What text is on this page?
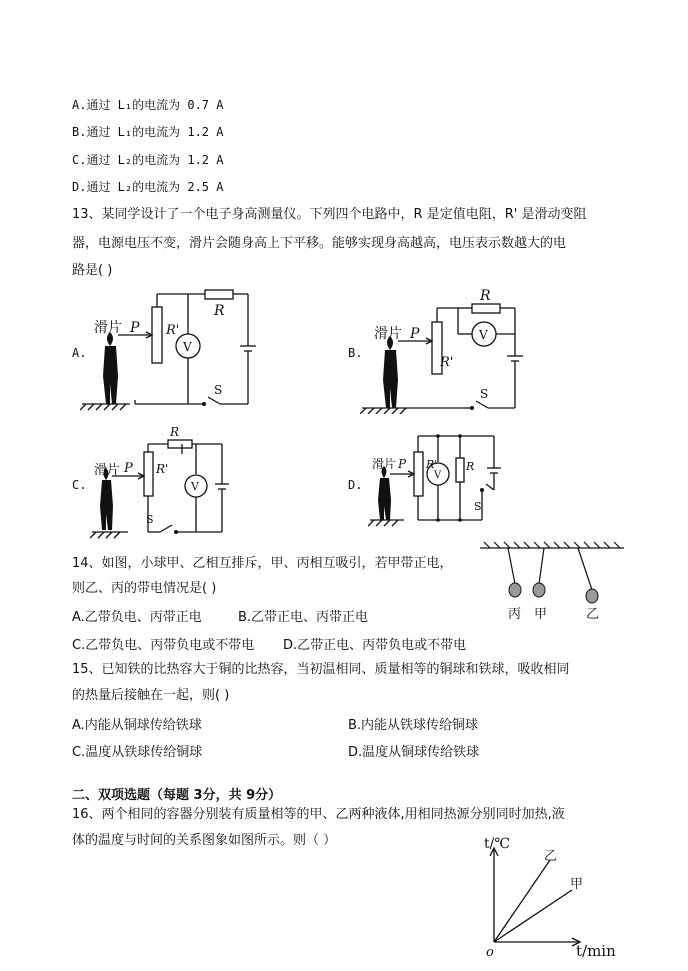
A.通过 L₁的电流为 0.7 A
B.通过 L₁的电流为 1.2 A
C.通过 L₂的电流为 1.2 A
D.通过 L₂的电流为 2.5 A
13、某同学设计了一个电子身高测量仪。下列四个电路中，R 是定值电阻，R' 是滑动变阻
器，电源电压不变，滑片会随身高上下平移。能够实现身高越高，电压表示数越大的电
路是( )
A.	B.
C.	D.
滑片 P R'
R
V
S
滑片 P
R'
R
V
S
滑片 P R'
R
V
S
滑片 P R'	R
V
S
14、如图，小球甲、乙相互排斥，甲、丙相互吸引，若甲带正电，
则乙、丙的带电情况是( )
A.乙带负电、丙带正电	B.乙带正电、丙带正电
C.乙带负电、丙带负电或不带电 D.乙带正电、丙带负电或不带电
丙 甲	乙
15、已知铁的比热容大于铜的比热容，当初温相同、质量相等的铜球和铁球，吸收相同
的热量后接触在一起，则( )
A.内能从铜球传给铁球	B.内能从铁球传给铜球
C.温度从铁球传给铜球	D.温度从铜球传给铁球
二、双项选题（每题 3分，共 9分）
16、两个相同的容器分别装有质量相等的甲、乙两种液体,用相同热源分别同时加热,液
体的温度与时间的关系图象如图所示。则（ ）	t/℃
t/min
o
乙
甲
